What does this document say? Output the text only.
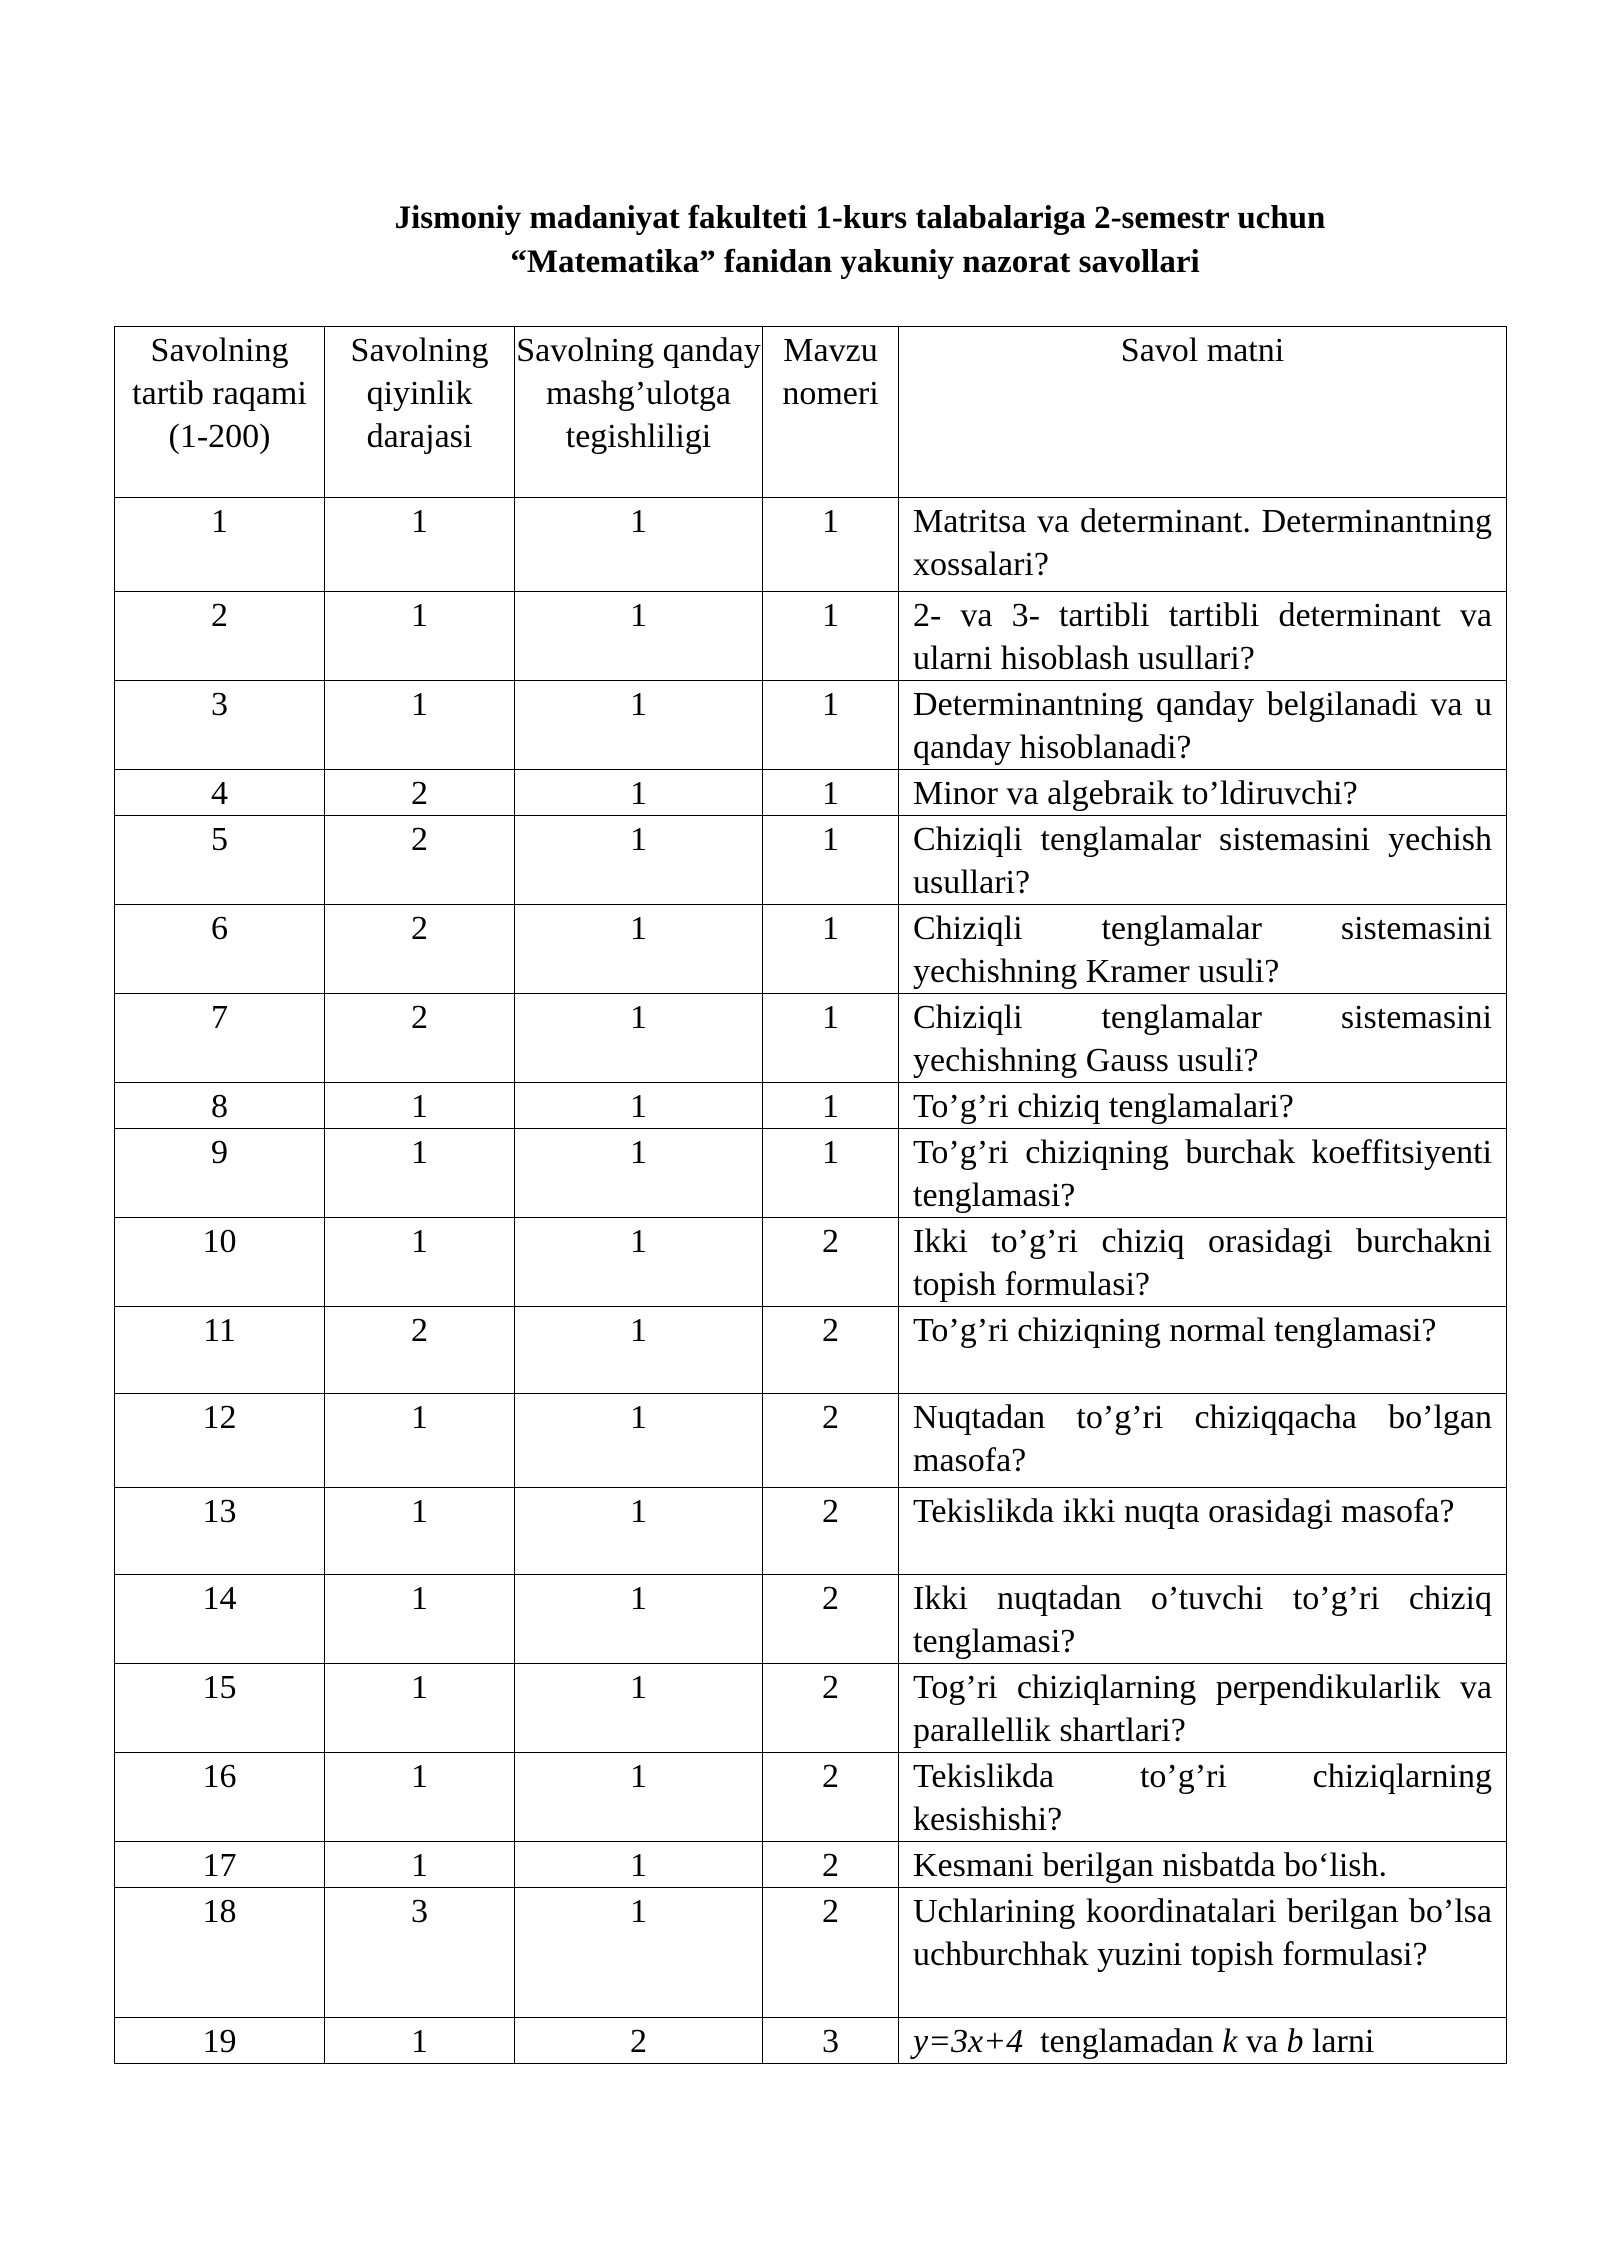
Jismoniy madaniyat fakulteti 1-kurs talabalariga 2-semestr uchun
“Matematika” fanidan yakuniy nazorat savollari
Savolning tartib raqami (1-200)	Savolning qiyinlik darajasi	Savolning qanday mashg’ulotga tegishliligi	Mavzu nomeri	Savol matni
1	1	1	1	Matritsa va determinant. Determinantning xossalari?
2	1	1	1	2- va 3- tartibli tartibli determinant va ularni hisoblash usullari?
3	1	1	1	Determinantning qanday belgilanadi va u qanday hisoblanadi?
4	2	1	1	Minor va algebraik to’ldiruvchi?
5	2	1	1	Chiziqli tenglamalar sistemasini yechish usullari?
6	2	1	1	Chiziqli tenglamalar sistemasini yechishning Kramer usuli?
7	2	1	1	Chiziqli tenglamalar sistemasini yechishning Gauss usuli?
8	1	1	1	To’g’ri chiziq tenglamalari?
9	1	1	1	To’g’ri chiziqning burchak koeffitsiyenti tenglamasi?
10	1	1	2	Ikki to’g’ri chiziq orasidagi burchakni topish formulasi?
11	2	1	2	To’g’ri chiziqning normal tenglamasi?
12	1	1	2	Nuqtadan to’g’ri chiziqqacha bo’lgan masofa?
13	1	1	2	Tekislikda ikki nuqta orasidagi masofa?
14	1	1	2	Ikki nuqtadan o’tuvchi to’g’ri chiziq tenglamasi?
15	1	1	2	Tog’ri chiziqlarning perpendikularlik va parallellik shartlari?
16	1	1	2	Tekislikda to’g’ri chiziqlarning kesishishi?
17	1	1	2	Kesmani berilgan nisbatda bo‘lish.
18	3	1	2	Uchlarining koordinatalari berilgan bo’lsa uchburchhak yuzini topish formulasi?
19	1	2	3	y=3x+4  tenglamadan k va b larni
